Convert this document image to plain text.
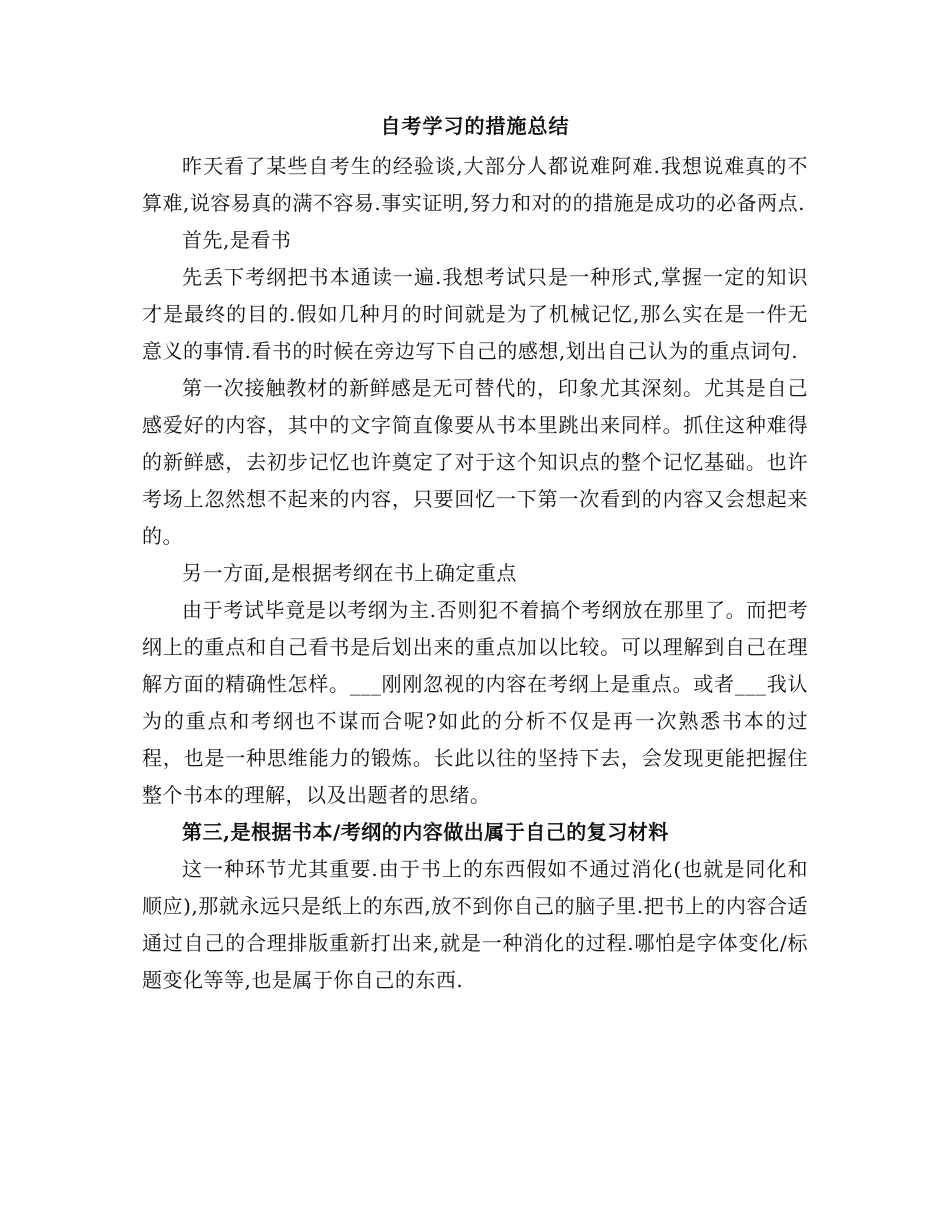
自考学习的措施总结

昨天看了某些自考生的经验谈,大部分人都说难阿难.我想说难真的不算难,说容易真的满不容易.事实证明,努力和对的的措施是成功的必备两点.

首先,是看书

先丢下考纲把书本通读一遍.我想考试只是一种形式,掌握一定的知识才是最终的目的.假如几种月的时间就是为了机械记忆,那么实在是一件无意义的事情.看书的时候在旁边写下自己的感想,划出自己认为的重点词句.

第一次接触教材的新鲜感是无可替代的，印象尤其深刻。尤其是自己感爱好的内容，其中的文字简直像要从书本里跳出来同样。抓住这种难得的新鲜感，去初步记忆也许奠定了对于这个知识点的整个记忆基础。也许考场上忽然想不起来的内容，只要回忆一下第一次看到的内容又会想起来的。

另一方面,是根据考纲在书上确定重点

由于考试毕竟是以考纲为主.否则犯不着搞个考纲放在那里了。而把考纲上的重点和自己看书是后划出来的重点加以比较。可以理解到自己在理解方面的精确性怎样。___刚刚忽视的内容在考纲上是重点。或者___我认为的重点和考纲也不谋而合呢?如此的分析不仅是再一次熟悉书本的过程，也是一种思维能力的锻炼。长此以往的坚持下去，会发现更能把握住整个书本的理解，以及出题者的思绪。

第三,是根据书本/考纲的内容做出属于自己的复习材料

这一种环节尤其重要.由于书上的东西假如不通过消化(也就是同化和顺应),那就永远只是纸上的东西,放不到你自己的脑子里.把书上的内容合适通过自己的合理排版重新打出来,就是一种消化的过程.哪怕是字体变化/标题变化等等,也是属于你自己的东西.
